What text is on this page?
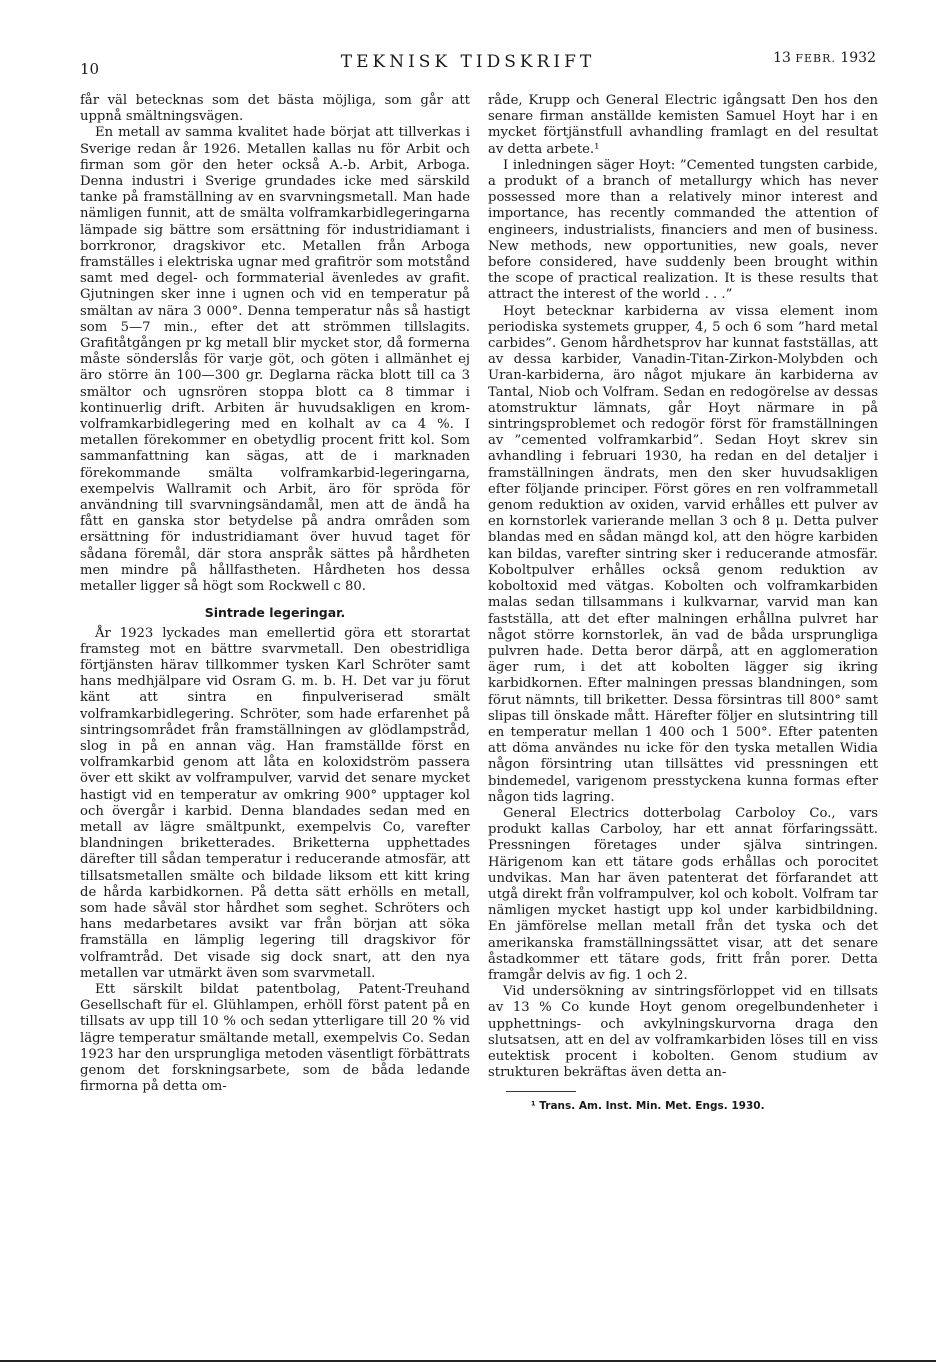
10	TEKNISK TIDSKRIFT	13 FEBR. 1932

får väl betecknas som det bästa möjliga, som går att uppnå smältningsvägen.

En metall av samma kvalitet hade börjat att tillverkas i Sverige redan år 1926. Metallen kallas nu för Arbit och firman som gör den heter också A.-b. Arbit, Arboga. Denna industri i Sverige grundades icke med särskild tanke på framställning av en svarvningsmetall. Man hade nämligen funnit, att de smälta volframkarbidlegeringarna lämpade sig bättre som ersättning för industridiamant i borrkronor, dragskivor etc. Metallen från Arboga framställes i elektriska ugnar med grafitrör som motstånd samt med degel- och formmaterial ävenledes av grafit. Gjutningen sker inne i ugnen och vid en temperatur på smältan av nära 3 000°. Denna temperatur nås så hastigt som 5—7 min., efter det att strömmen tillslagits. Grafitåtgången pr kg metall blir mycket stor, då formerna måste sönderslås för varje göt, och göten i allmänhet ej äro större än 100—300 gr. Deglarna räcka blott till ca 3 smältor och ugnsrören stoppa blott ca 8 timmar i kontinuerlig drift. Arbiten är huvudsakligen en krom-volframkarbidlegering med en kolhalt av ca 4 %. I metallen förekommer en obetydlig procent fritt kol. Som sammanfattning kan sägas, att de i marknaden förekommande smälta volframkarbid-legeringarna, exempelvis Wallramit och Arbit, äro för spröda för användning till svarvningsändamål, men att de ändå ha fått en ganska stor betydelse på andra områden som ersättning för industridiamant över huvud taget för sådana föremål, där stora anspråk sättes på hårdheten men mindre på hållfastheten. Hårdheten hos dessa metaller ligger så högt som Rockwell c 80.

Sintrade legeringar.

År 1923 lyckades man emellertid göra ett storartat framsteg mot en bättre svarvmetall. Den obestridliga förtjänsten härav tillkommer tysken Karl Schröter samt hans medhjälpare vid Osram G. m. b. H. Det var ju förut känt att sintra en finpulveriserad smält volframkarbidlegering. Schröter, som hade erfarenhet på sintringsområdet från framställningen av glödlampstråd, slog in på en annan väg. Han framställde först en volframkarbid genom att låta en koloxidström passera över ett skikt av volframpulver, varvid det senare mycket hastigt vid en temperatur av omkring 900° upptager kol och övergår i karbid. Denna blandades sedan med en metall av lägre smältpunkt, exempelvis Co, varefter blandningen briketterades. Briketterna upphettades därefter till sådan temperatur i reducerande atmosfär, att tillsatsmetallen smälte och bildade liksom ett kitt kring de hårda karbidkornen. På detta sätt erhölls en metall, som hade såväl stor hårdhet som seghet. Schröters och hans medarbetares avsikt var från början att söka framställa en lämplig legering till dragskivor för volframtråd. Det visade sig dock snart, att den nya metallen var utmärkt även som svarvmetall.

Ett särskilt bildat patentbolag, Patent-Treuhand Gesellschaft für el. Glühlampen, erhöll först patent på en tillsats av upp till 10 % och sedan ytterligare till 20 % vid lägre temperatur smältande metall, exempelvis Co. Sedan 1923 har den ursprungliga metoden väsentligt förbättrats genom det forskningsarbete, som de båda ledande firmorna på detta om-

råde, Krupp och General Electric igångsatt Den hos den senare firman anställde kemisten Samuel Hoyt har i en mycket förtjänstfull avhandling framlagt en del resultat av detta arbete.¹

I inledningen säger Hoyt: ”Cemented tungsten carbide, a produkt of a branch of metallurgy which has never possessed more than a relatively minor interest and importance, has recently commanded the attention of engineers, industrialists, financiers and men of business. New methods, new opportunities, new goals, never before considered, have suddenly been brought within the scope of practical realization. It is these results that attract the interest of the world . . .”

Hoyt betecknar karbiderna av vissa element inom periodiska systemets grupper, 4, 5 och 6 som ”hard metal carbides”. Genom hårdhetsprov har kunnat fastställas, att av dessa karbider, Vanadin-Titan-Zirkon-Molybden och Uran-karbiderna, äro något mjukare än karbiderna av Tantal, Niob och Volfram. Sedan en redogörelse av dessas atomstruktur lämnats, går Hoyt närmare in på sintringsproblemet och redogör först för framställningen av ”cemented volframkarbid”. Sedan Hoyt skrev sin avhandling i februari 1930, ha redan en del detaljer i framställningen ändrats, men den sker huvudsakligen efter följande principer. Först göres en ren volframmetall genom reduktion av oxiden, varvid erhålles ett pulver av en kornstorlek varierande mellan 3 och 8 μ. Detta pulver blandas med en sådan mängd kol, att den högre karbiden kan bildas, varefter sintring sker i reducerande atmosfär. Koboltpulver erhålles också genom reduktion av koboltoxid med vätgas. Kobolten och volframkarbiden malas sedan tillsammans i kulkvarnar, varvid man kan fastställa, att det efter malningen erhållna pulvret har något större kornstorlek, än vad de båda ursprungliga pulvren hade. Detta beror därpå, att en agglomeration äger rum, i det att kobolten lägger sig ikring karbidkornen. Efter malningen pressas blandningen, som förut nämnts, till briketter. Dessa försintras till 800° samt slipas till önskade mått. Härefter följer en slutsintring till en temperatur mellan 1 400 och 1 500°. Efter patenten att döma användes nu icke för den tyska metallen Widia någon försintring utan tillsättes vid pressningen ett bindemedel, varigenom presstyckena kunna formas efter någon tids lagring.

General Electrics dotterbolag Carboloy Co., vars produkt kallas Carboloy, har ett annat förfaringssätt. Pressningen företages under själva sintringen. Härigenom kan ett tätare gods erhållas och porocitet undvikas. Man har även patenterat det förfarandet att utgå direkt från volframpulver, kol och kobolt. Volfram tar nämligen mycket hastigt upp kol under karbidbildning. En jämförelse mellan metall från det tyska och det amerikanska framställningssättet visar, att det senare åstadkommer ett tätare gods, fritt från porer. Detta framgår delvis av fig. 1 och 2.

Vid undersökning av sintringsförloppet vid en tillsats av 13 % Co kunde Hoyt genom oregelbundenheter i upphettnings- och avkylningskurvorna draga den slutsatsen, att en del av volframkarbiden löses till en viss eutektisk procent i kobolten. Genom studium av strukturen bekräftas även detta an-

¹ Trans. Am. Inst. Min. Met. Engs. 1930.
